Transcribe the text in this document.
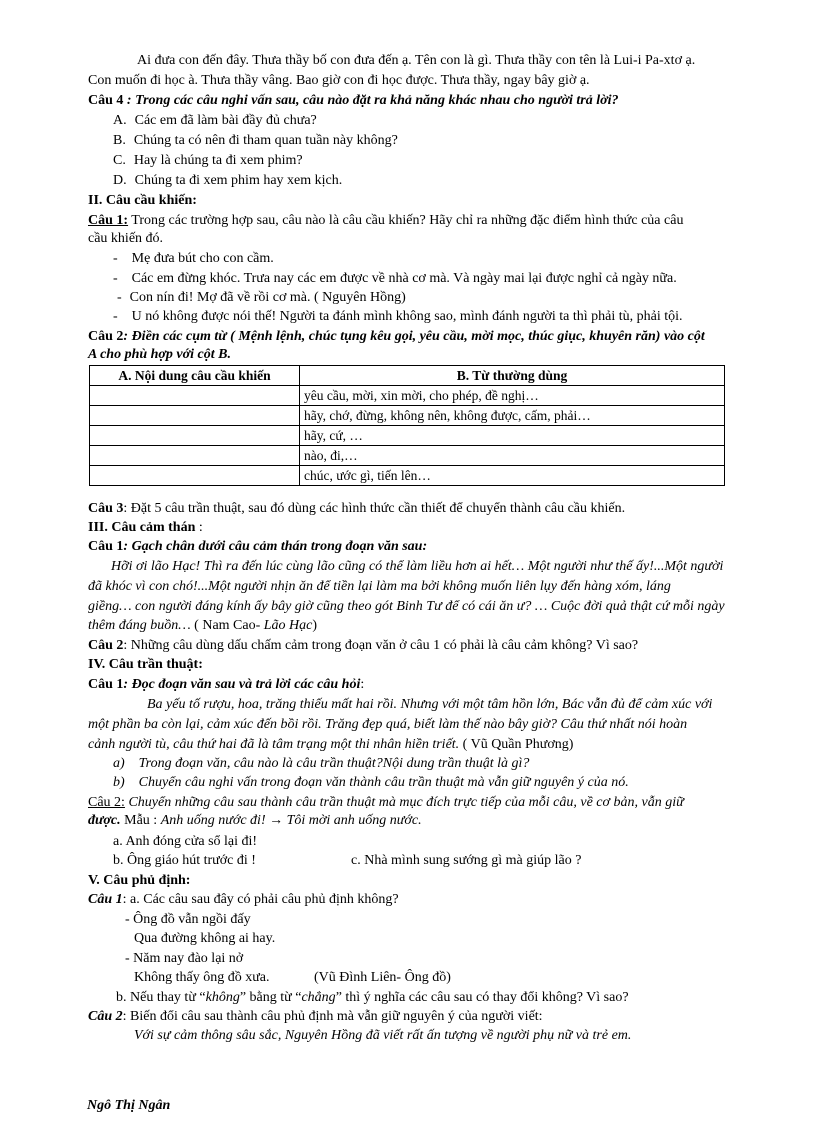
Ai đưa con đến đây. Thưa thầy bố con đưa đến ạ. Tên con là gì. Thưa thầy con tên là Lui-i Pa-xtơ ạ.
Con muốn đi học à. Thưa thầy vâng. Bao giờ con đi học được. Thưa thầy, ngay bây giờ ạ.
Câu 4 : Trong các câu nghi vấn sau, câu nào đặt ra khả năng khác nhau cho người trả lời?
A. Các em đã làm bài đầy đủ chưa?
B. Chúng ta có nên đi tham quan tuần này không?
C. Hay là chúng ta đi xem phim?
D. Chúng ta đi xem phim hay xem kịch.
II. Câu cầu khiến:
Câu 1: Trong các trường hợp sau, câu nào là câu cầu khiến? Hãy chỉ ra những đặc điểm hình thức của câu
cầu khiến đó.
- Mẹ đưa bút cho con cầm.
- Các em đừng khóc. Trưa nay các em được về nhà cơ mà. Và ngày mai lại được nghỉ cả ngày nữa.
- Con nín đi! Mợ đã về rồi cơ mà. ( Nguyên Hồng)
- U nó không được nói thế! Người ta đánh mình không sao, mình đánh người ta thì phải tù, phải tội.
Câu 2: Điền các cụm từ ( Mệnh lệnh, chúc tụng kêu gọi, yêu cầu, mời mọc, thúc giục, khuyên răn) vào cột
A cho phù hợp với cột B.
A. Nội dung câu cầu khiến	B. Từ thường dùng
	yêu cầu, mời, xin mời, cho phép, đề nghị…
	hãy, chớ, đừng, không nên, không được, cấm, phải…
	hãy, cứ, …
	nào, đi,…
	chúc, ước gì, tiến lên…
Câu 3: Đặt 5 câu trần thuật, sau đó dùng các hình thức cần thiết để chuyển thành câu cầu khiến.
III. Câu cảm thán :
Câu 1: Gạch chân dưới câu cảm thán trong đoạn văn sau:
Hỡi ơi lão Hạc! Thì ra đến lúc cùng lão cũng có thể làm liều hơn ai hết… Một người như thế ấy!...Một người
đã khóc vì con chó!...Một người nhịn ăn để tiền lại làm ma bởi không muốn liên lụy đến hàng xóm, láng
giềng… con người đáng kính ấy bây giờ cũng theo gót Binh Tư để có cái ăn ư? … Cuộc đời quả thật cứ mỗi ngày
thêm đáng buồn… ( Nam Cao- Lão Hạc)
Câu 2: Những câu dùng dấu chấm cảm trong đoạn văn ở câu 1 có phải là câu cảm không? Vì sao?
IV. Câu trần thuật:
Câu 1: Đọc đoạn văn sau và trả lời các câu hỏi:
Ba yếu tố rượu, hoa, trăng thiếu mất hai rồi. Nhưng với một tâm hồn lớn, Bác vẫn đủ để cảm xúc với
một phần ba còn lại, cảm xúc đến bồi rồi. Trăng đẹp quá, biết làm thế nào bây giờ? Câu thứ nhất nói hoàn
cảnh người tù, câu thứ hai đã là tâm trạng một thi nhân hiền triết. ( Vũ Quần Phương)
a) Trong đoạn văn, câu nào là câu trần thuật?Nội dung trần thuật là gì?
b) Chuyển câu nghi vấn trong đoạn văn thành câu trần thuật mà vẫn giữ nguyên ý của nó.
Câu 2: Chuyển những câu sau thành câu trần thuật mà mục đích trực tiếp của mỗi câu, về cơ bản, vẫn giữ
được. Mẫu : Anh uống nước đi! → Tôi mời anh uống nước.
a. Anh đóng cửa sổ lại đi!
b. Ông giáo hút trước đi !	c. Nhà mình sung sướng gì mà giúp lão ?
V. Câu phủ định:
Câu 1: a. Các câu sau đây có phải câu phủ định không?
- Ông đồ vẫn ngồi đấy
Qua đường không ai hay.
- Năm nay đào lại nở
Không thấy ông đồ xưa.	(Vũ Đình Liên- Ông đồ)
b. Nếu thay từ “không” bằng từ “chẳng” thì ý nghĩa các câu sau có thay đổi không? Vì sao?
Câu 2: Biến đổi câu sau thành câu phủ định mà vẫn giữ nguyên ý của người viết:
Với sự cảm thông sâu sắc, Nguyên Hồng đã viết rất ấn tượng về người phụ nữ và trẻ em.
Ngô Thị Ngân
